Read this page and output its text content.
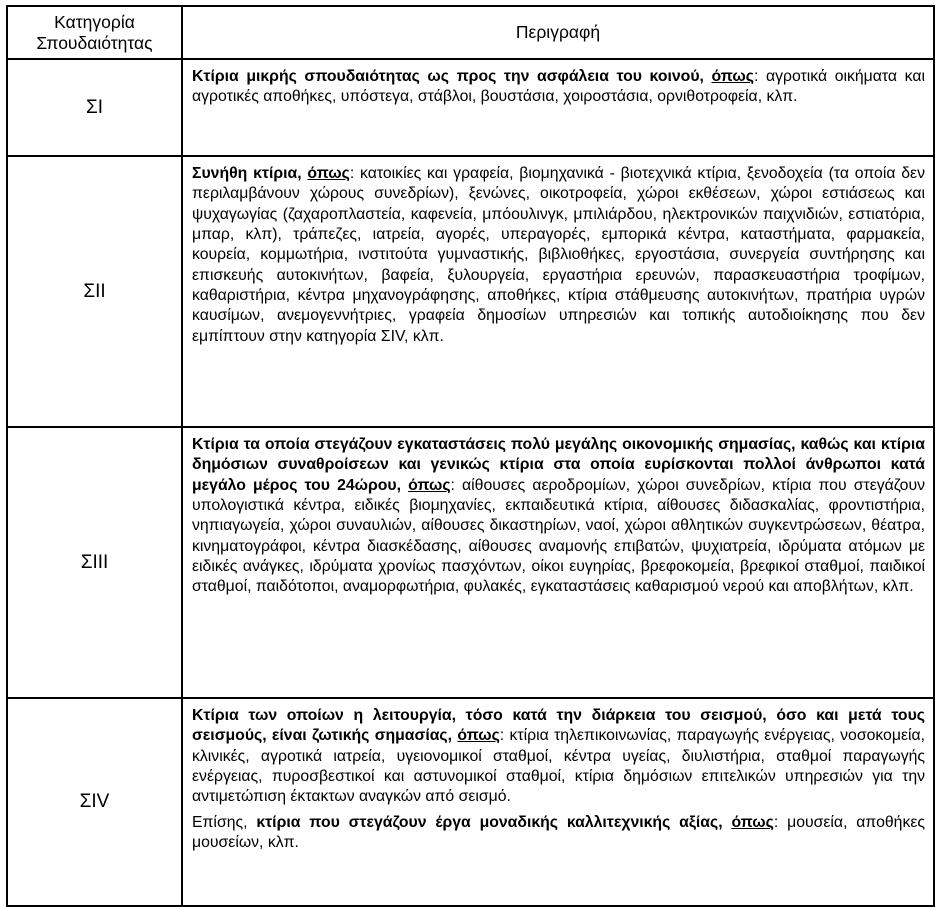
Κατηγορία Σπουδαιότητας	Περιγραφή
ΣΙ	Κτίρια μικρής σπουδαιότητας ως προς την ασφάλεια του κοινού, όπως: αγροτικά οικήματα και αγροτικές αποθήκες, υπόστεγα, στάβλοι, βουστάσια, χοιροστάσια, ορνιθοτροφεία, κλπ.

ΣΙΙ	Συνήθη κτίρια, όπως: κατοικίες και γραφεία, βιομηχανικά - βιοτεχνικά κτίρια, ξενοδοχεία (τα οποία δεν περιλαμβάνουν χώρους συνεδρίων), ξενώνες, οικοτροφεία, χώροι εκθέσεων, χώροι εστιάσεως και ψυχαγωγίας (ζαχαροπλαστεία, καφενεία, μπόουλινγκ, μπιλιάρδου, ηλεκτρονικών παιχνιδιών, εστιατόρια, μπαρ, κλπ), τράπεζες, ιατρεία, αγορές, υπεραγορές, εμπορικά κέντρα, καταστήματα, φαρμακεία, κουρεία, κομμωτήρια, ινστιτούτα γυμναστικής, βιβλιοθήκες, εργοστάσια, συνεργεία συντήρησης και επισκευής αυτοκινήτων, βαφεία, ξυλουργεία, εργαστήρια ερευνών, παρασκευαστήρια τροφίμων, καθαριστήρια, κέντρα μηχανογράφησης, αποθήκες, κτίρια στάθμευσης αυτοκινήτων, πρατήρια υγρών καυσίμων, ανεμογεννήτριες, γραφεία δημοσίων υπηρεσιών και τοπικής αυτοδιοίκησης που δεν εμπίπτουν στην κατηγορία ΣIV, κλπ.

ΣΙΙΙ	Κτίρια τα οποία στεγάζουν εγκαταστάσεις πολύ μεγάλης οικονομικής σημασίας, καθώς και κτίρια δημόσιων συναθροίσεων και γενικώς κτίρια στα οποία ευρίσκονται πολλοί άνθρωποι κατά μεγάλο μέρος του 24ώρου, όπως: αίθουσες αεροδρομίων, χώροι συνεδρίων, κτίρια που στεγάζουν υπολογιστικά κέντρα, ειδικές βιομηχανίες, εκπαιδευτικά κτίρια, αίθουσες διδασκαλίας, φροντιστήρια, νηπιαγωγεία, χώροι συναυλιών, αίθουσες δικαστηρίων, ναοί, χώροι αθλητικών συγκεντρώσεων, θέατρα, κινηματογράφοι, κέντρα διασκέδασης, αίθουσες αναμονής επιβατών, ψυχιατρεία, ιδρύματα ατόμων με ειδικές ανάγκες, ιδρύματα χρονίως πασχόντων, οίκοι ευγηρίας, βρεφοκομεία, βρεφικοί σταθμοί, παιδικοί σταθμοί, παιδότοποι, αναμορφωτήρια, φυλακές, εγκαταστάσεις καθαρισμού νερού και αποβλήτων, κλπ.

ΣIV	Κτίρια των οποίων η λειτουργία, τόσο κατά την διάρκεια του σεισμού, όσο και μετά τους σεισμούς, είναι ζωτικής σημασίας, όπως: κτίρια τηλεπικοινωνίας, παραγωγής ενέργειας, νοσοκομεία, κλινικές, αγροτικά ιατρεία, υγειονομικοί σταθμοί, κέντρα υγείας, διυλιστήρια, σταθμοί παραγωγής ενέργειας, πυροσβεστικοί και αστυνομικοί σταθμοί, κτίρια δημόσιων επιτελικών υπηρεσιών για την αντιμετώπιση έκτακτων αναγκών από σεισμό.

Επίσης, κτίρια που στεγάζουν έργα μοναδικής καλλιτεχνικής αξίας, όπως: μουσεία, αποθήκες μουσείων, κλπ.
